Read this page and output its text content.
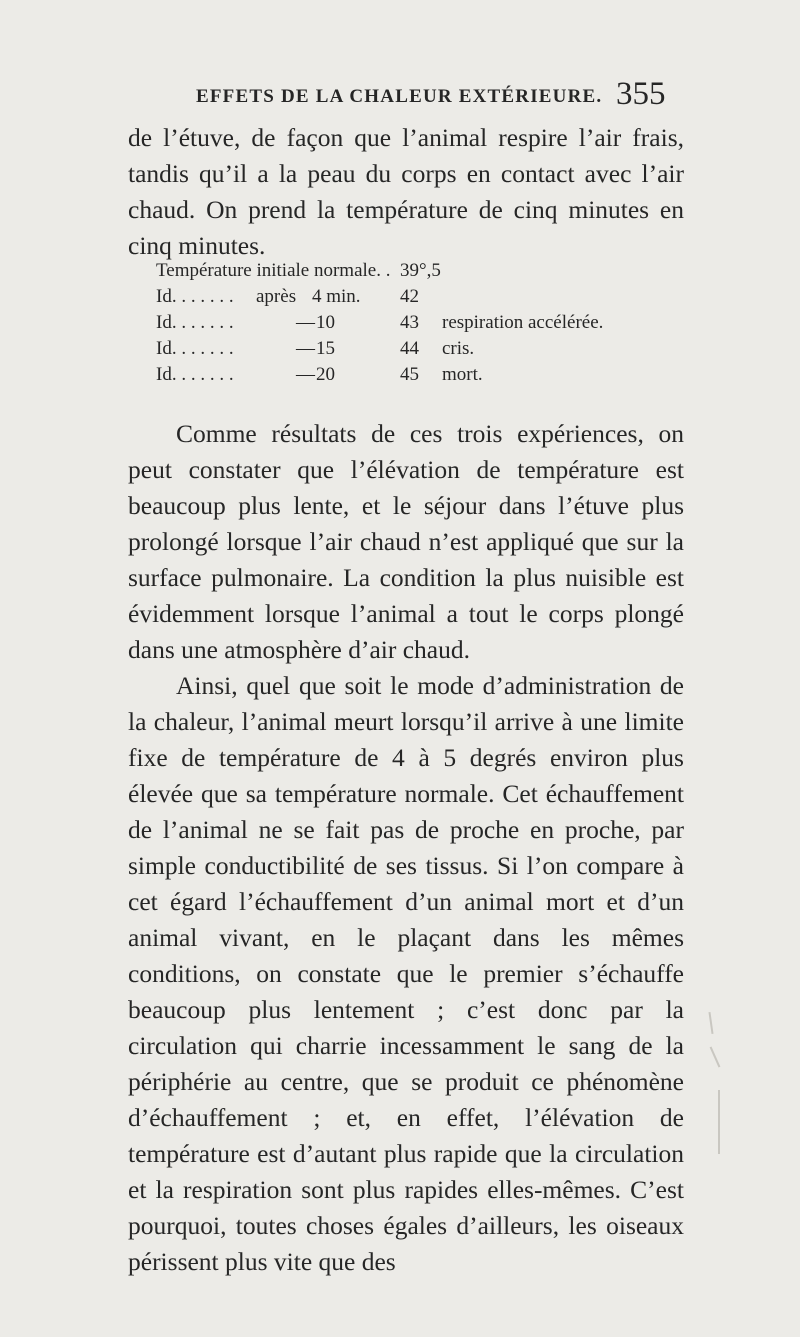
EFFETS DE LA CHALEUR EXTÉRIEURE. 355

de l’étuve, de façon que l’animal respire l’air frais, tandis qu’il a la peau du corps en contact avec l’air chaud. On prend la température de cinq minutes en cinq minutes.

Température initiale normale. . 39°,5
Id. . . . . . . après 4 min. 42
Id. . . . . . .	— 10	43 respiration accélérée.
Id. . . . . . .	— 15	44 cris.
Id. . . . . . .	— 20	45 mort.

Comme résultats de ces trois expériences, on peut constater que l’élévation de température est beaucoup plus lente, et le séjour dans l’étuve plus prolongé lorsque l’air chaud n’est appliqué que sur la surface pulmonaire. La condition la plus nuisible est évidemment lorsque l’animal a tout le corps plongé dans une atmosphère d’air chaud.

Ainsi, quel que soit le mode d’administration de la chaleur, l’animal meurt lorsqu’il arrive à une limite fixe de température de 4 à 5 degrés environ plus élevée que sa température normale. Cet échauffement de l’animal ne se fait pas de proche en proche, par simple conductibilité de ses tissus. Si l’on compare à cet égard l’échauffement d’un animal mort et d’un animal vivant, en le plaçant dans les mêmes conditions, on constate que le premier s’échauffe beaucoup plus lentement ; c’est donc par la circulation qui charrie incessamment le sang de la périphérie au centre, que se produit ce phénomène d’échauffement ; et, en effet, l’élévation de température est d’autant plus rapide que la circulation et la respiration sont plus rapides elles-mêmes. C’est pourquoi, toutes choses égales d’ailleurs, les oiseaux périssent plus vite que des
